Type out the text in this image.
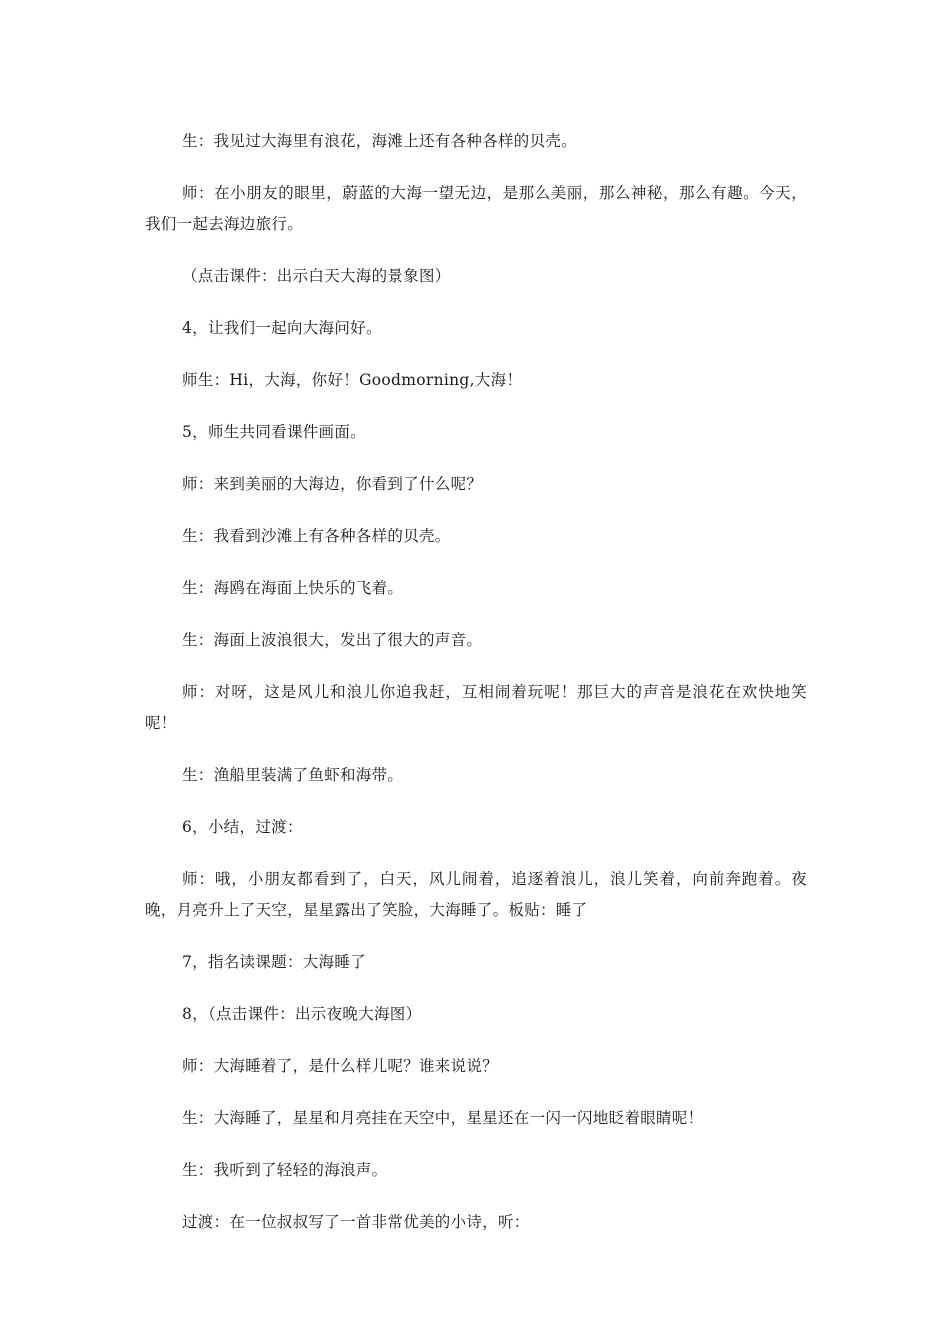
生：我见过大海里有浪花，海滩上还有各种各样的贝壳。

师：在小朋友的眼里，蔚蓝的大海一望无边，是那么美丽，那么神秘，那么有趣。今天，我们一起去海边旅行。

（点击课件：出示白天大海的景象图）

4，让我们一起向大海问好。

师生：Hi，大海，你好！Goodmorning,大海！

5，师生共同看课件画面。

师：来到美丽的大海边，你看到了什么呢？

生：我看到沙滩上有各种各样的贝壳。

生：海鸥在海面上快乐的飞着。

生：海面上波浪很大，发出了很大的声音。

师：对呀，这是风儿和浪儿你追我赶，互相闹着玩呢！那巨大的声音是浪花在欢快地笑呢！

生：渔船里装满了鱼虾和海带。

6，小结，过渡：

师：哦，小朋友都看到了，白天，风儿闹着，追逐着浪儿，浪儿笑着，向前奔跑着。夜晚，月亮升上了天空，星星露出了笑脸，大海睡了。板贴：睡了

7，指名读课题：大海睡了

8，（点击课件：出示夜晚大海图）

师：大海睡着了，是什么样儿呢？谁来说说？

生：大海睡了，星星和月亮挂在天空中，星星还在一闪一闪地眨着眼睛呢！

生：我听到了轻轻的海浪声。

过渡：在一位叔叔写了一首非常优美的小诗，听：
